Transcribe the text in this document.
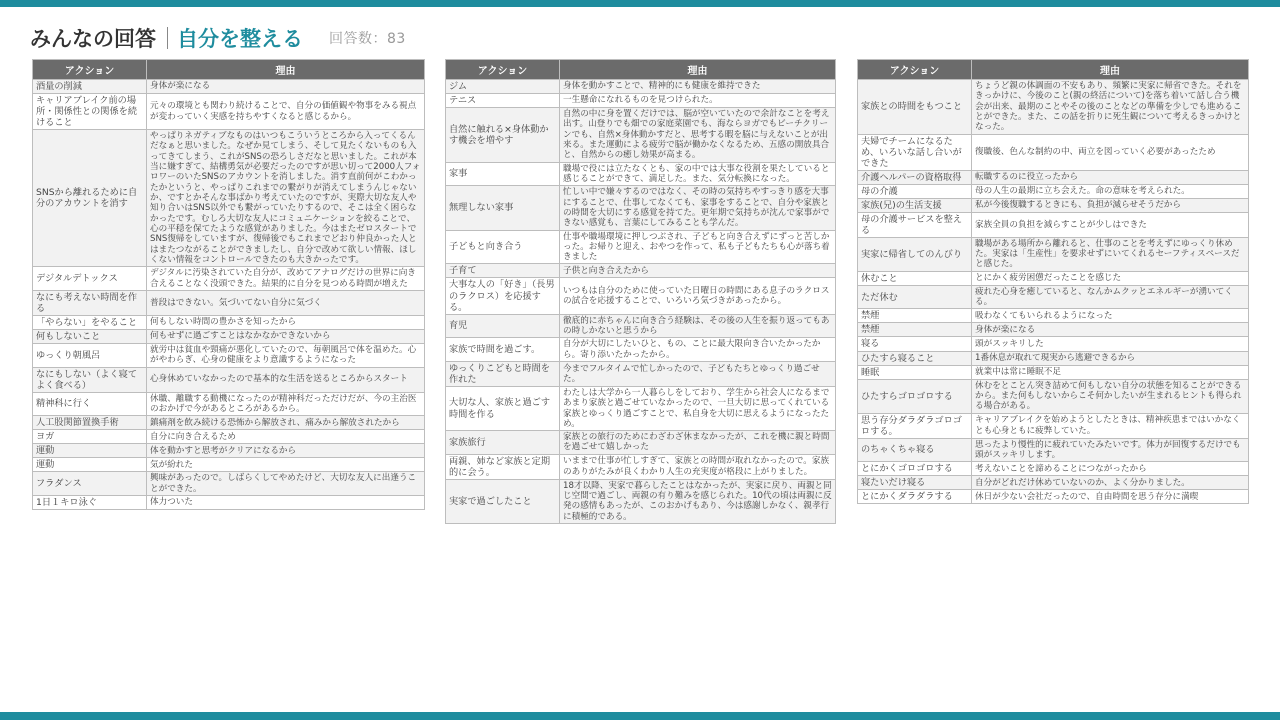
みんなの回答 自分を整える 回答数：83
アクション	理由
酒量の削減	身体が楽になる
キャリアブレイク前の場所・関係性との関係を続けること	元々の環境とも関わり続けることで、自分の価値観や物事をみる視点が変わっていく実感を持ちやすくなると感じるから。
SNSから離れるために自分のアカウントを消す	やっぱりネガティブなものはいつもこういうところから入ってくるんだなぁと思いました。なぜか見てしまう、そして見たくないものも入ってきてしまう、これがSNSの恐ろしさだなと思いました。これが本当に嫌すぎて、結構勇気が必要だったのですが思い切って2000人フォロワーのいたSNSのアカウントを消しました。消す直前何がこわかったかというと、やっぱりこれまでの繋がりが消えてしまうんじゃないか、ですとかそんな事ばかり考えていたのですが、実際大切な友人や知り合いはSNS以外でも繋がっていたりするので、そこは全く困らなかったです。むしろ大切な友人にコミュニケーションを絞ることで、心の平穏を保てたような感覚がありました。今はまたゼロスタートでSNS復帰をしていますが、復帰後でもこれまでどおり仲良かった人とはまたつながることができましたし、自分で改めて欲しい情報、ほしくない情報をコントロールできたのも大きかったです。
デジタルデトックス	デジタルに汚染されていた自分が、改めてアナログだけの世界に向き合えることなく没頭できた。結果的に自分を見つめる時間が増えた
なにも考えない時間を作る	普段はできない。気づいてない自分に気づく
「やらない」をやること	何もしない時間の豊かさを知ったから
何もしないこと	何もせずに過ごすことはなかなかできないから
ゆっくり朝風呂	就労中は貧血や頸痛が悪化していたので、毎朝風呂で体を温めた。心がやわらぎ、心身の健康をより意識するようになった
なにもしない（よく寝てよく食べる）	心身休めていなかったので基本的な生活を送るところからスタート
精神科に行く	休職、離職する動機になったのが精神科だっただけだが、今の主治医のおかげで今があるところがあるから。
人工股関節置換手術	鎮痛剤を飲み続ける恐怖から解放され、痛みから解放されたから
ヨガ	自分に向き合えるため
運動	体を動かすと思考がクリアになるから
運動	気が紛れた
フラダンス	興味があったので。しばらくしてやめたけど、大切な友人に出逢うことができた。
1日１キロ泳ぐ	体力ついた
アクション	理由
ジム	身体を動かすことで、精神的にも健康を維持できた
テニス	一生懸命になれるものを見つけられた。
自然に触れる×身体動かす機会を増やす	自然の中に身を置くだけでは、脳が空いていたので余計なことを考え出す。山登りでも畑での家庭菜園でも、海ならヨガでもビーチクリーンでも、自然×身体動かすだと、思考する暇を脳に与えないことが出来る。また運動による疲労で脳が働かなくなるため、五感の開放具合と、自然からの癒し効果が高まる。
家事	職場で役には立たなくとも、家の中では大事な役割を果たしていると感じることができて、満足した。また、気分転換になった。
無理しない家事	忙しい中で嫌々するのではなく、その時の気持ちやすっきり感を大事にすることで、仕事してなくても、家事をすることで、自分や家族との時間を大切にする感覚を持てた。更年期で気持ちが沈んで家事ができない感覚も、言葉にしてみることも学んだ。
子どもと向き合う	仕事や職場環境に押しつぶされ、子どもと向き合えずにずっと苦しかった。お帰りと迎え、おやつを作って、私も子どもたちも心が落ち着きました
子育て	子供と向き合えたから
大事な人の「好き」（長男のラクロス）を応援する。	いつもは自分のために使っていた日曜日の時間にある息子のラクロスの試合を応援することで、いろいろ気づきがあったから。
育児	徹底的に赤ちゃんに向き合う経験は、その後の人生を振り返ってもあの時しかないと思うから
家族で時間を過ごす。	自分が大切にしたいひと、もの、ことに最大限向き合いたかったから。寄り添いたかったから。
ゆっくりこどもと時間を作れた	今までフルタイムで忙しかったので、子どもたちとゆっくり過ごせた。
大切な人、家族と過ごす時間を作る	わたしは大学から一人暮らしをしており、学生から社会人になるまであまり家族と過ごせていなかったので、一旦大切に思ってくれている家族とゆっくり過ごすことで、私自身を大切に思えるようになったため。
家族旅行	家族との旅行のためにわざわざ休まなかったが、これを機に親と時間を過ごせて嬉しかった
両親、姉など家族と定期的に会う。	いままで仕事が忙しすぎて、家族との時間が取れなかったので。家族のありがたみが良くわかり人生の充実度が格段に上がりました。
実家で過ごしたこと	18才以降、実家で暮らしたことはなかったが、実家に戻り、両親と同じ空間で過ごし、両親の有り難みを感じられた。10代の頃は両親に反発の感情もあったが、このおかげもあり、今は感謝しかなく、親孝行に積極的である。
アクション	理由
家族との時間をもつこと	ちょうど親の体調面の不安もあり、頻繁に実家に帰省できた。それをきっかけに、今後のこと(親の終活について)を落ち着いて話し合う機会が出来、最期のことやその後のことなどの準備を少しでも進めることができた。また、この話を折りに死生観について考えるきっかけとなった。
夫婦でチームになるため、いろいな話し合いができた	復職後、色んな制約の中、両立を図っていく必要があったため
介護ヘルパーの資格取得	転職するのに役立ったから
母の介護	母の人生の最期に立ち会えた。命の意味を考えられた。
家族(兄)の生活支援	私が今後復職するときにも、負担が減らせそうだから
母の介護サービスを整える	家族全員の負担を減らすことが少しはできた
実家に帰省してのんびり	職場がある場所から離れると、仕事のことを考えずにゆっくり休めた。実家は「生産性」を要求せずにいてくれるセーフティスペースだと感じた。
休むこと	とにかく疲労困憊だったことを感じた
ただ休む	疲れた心身を癒していると、なんかムクッとエネルギーが湧いてくる。
禁煙	吸わなくてもいられるようになった
禁煙	身体が楽になる
寝る	頭がスッキリした
ひたすら寝ること	1番休息が取れて現実から逃避できるから
睡眠	就業中は常に睡眠不足
ひたすらゴロゴロする	休むをとことん突き詰めて何もしない自分の状態を知ることができるから。また何もしないからこそ何かしたいが生まれるヒントも得られる場合がある。
思う存分ダラダラゴロゴロする。	キャリアブレイクを始めようとしたときは、精神疾患まではいかなくとも心身ともに疲弊していた。
のちゃくちゃ寝る	思ったより慢性的に疲れていたみたいです。体力が回復するだけでも頭がスッキリします。
とにかくゴロゴロする	考えないことを諦めることにつながったから
寝たいだけ寝る	自分がどれだけ休めていないのか、よく分かりました。
とにかくダラダラする	休日が少ない会社だったので、自由時間を思う存分に満喫
